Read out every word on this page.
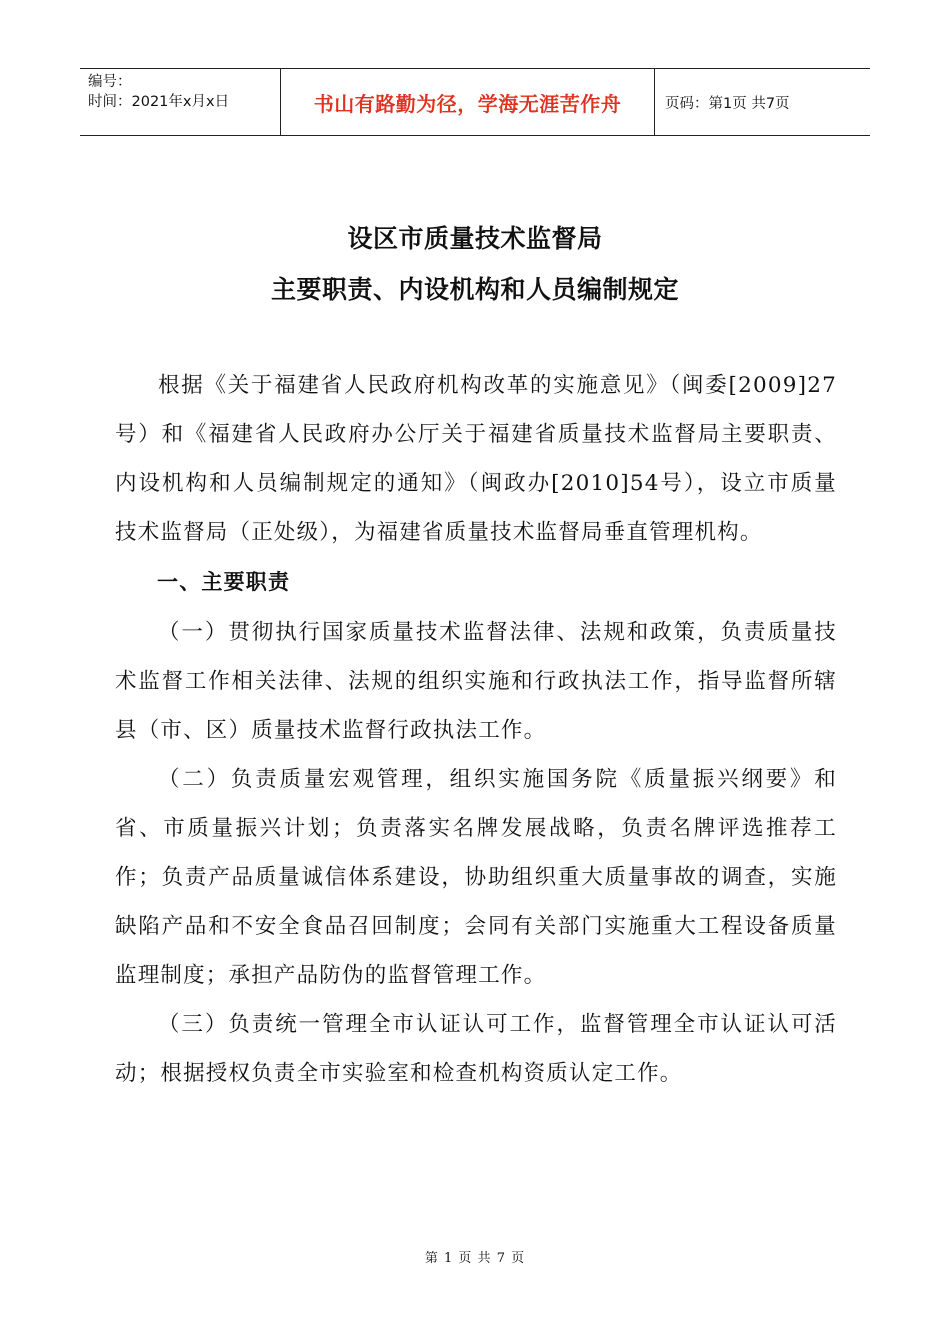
编号：
时间：2021年x月x日	书山有路勤为径，学海无涯苦作舟	页码：第1页 共7页
设区市质量技术监督局
主要职责、内设机构和人员编制规定

根据《关于福建省人民政府机构改革的实施意见》（闽委[2009]27号）和《福建省人民政府办公厅关于福建省质量技术监督局主要职责、内设机构和人员编制规定的通知》（闽政办[2010]54号），设立市质量技术监督局（正处级），为福建省质量技术监督局垂直管理机构。

一、主要职责

（一）贯彻执行国家质量技术监督法律、法规和政策，负责质量技术监督工作相关法律、法规的组织实施和行政执法工作，指导监督所辖县（市、区）质量技术监督行政执法工作。

（二）负责质量宏观管理，组织实施国务院《质量振兴纲要》和省、市质量振兴计划；负责落实名牌发展战略，负责名牌评选推荐工作；负责产品质量诚信体系建设，协助组织重大质量事故的调查，实施缺陷产品和不安全食品召回制度；会同有关部门实施重大工程设备质量监理制度；承担产品防伪的监督管理工作。

（三）负责统一管理全市认证认可工作，监督管理全市认证认可活动；根据授权负责全市实验室和检查机构资质认定工作。

第 1 页 共 7 页
